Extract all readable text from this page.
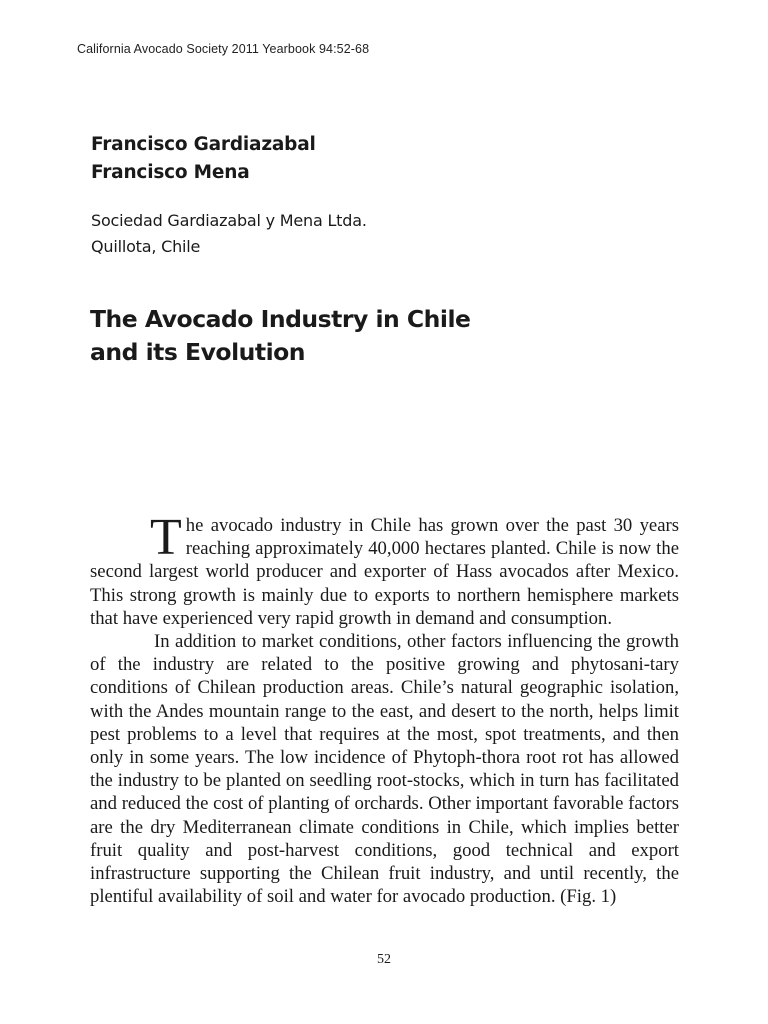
California Avocado Society 2011 Yearbook 94:52-68
Francisco Gardiazabal
Francisco Mena
Sociedad Gardiazabal y Mena Ltda.
Quillota, Chile
The Avocado Industry in Chile
and its Evolution

The avocado industry in Chile has grown over the past 30 years reaching approximately 40,000 hectares planted. Chile is now the second largest world producer and exporter of Hass avocados after Mexico. This strong growth is mainly due to exports to northern hemisphere markets that have experienced very rapid growth in demand and consumption.

In addition to market conditions, other factors influencing the growth of the industry are related to the positive growing and phytosani-tary conditions of Chilean production areas. Chile’s natural geographic isolation, with the Andes mountain range to the east, and desert to the north, helps limit pest problems to a level that requires at the most, spot treatments, and then only in some years. The low incidence of Phytoph-thora root rot has allowed the industry to be planted on seedling root-stocks, which in turn has facilitated and reduced the cost of planting of orchards. Other important favorable factors are the dry Mediterranean climate conditions in Chile, which implies better fruit quality and post-harvest conditions, good technical and export infrastructure supporting the Chilean fruit industry, and until recently, the plentiful availability of soil and water for avocado production. (Fig. 1)

52
